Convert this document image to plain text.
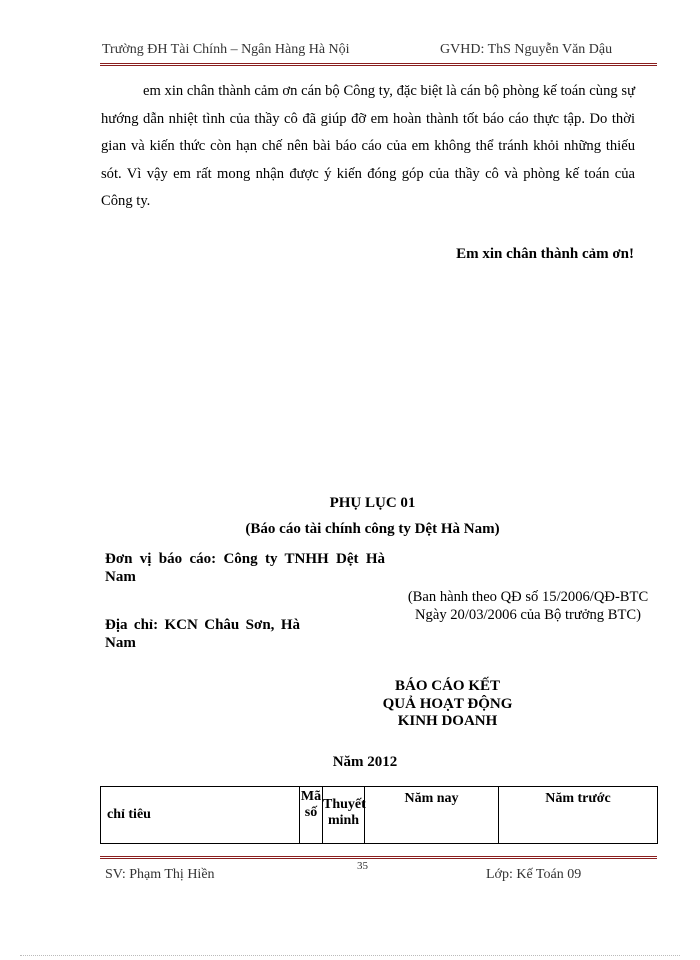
Trường ĐH Tài Chính – Ngân Hàng Hà Nội	GVHD: ThS Nguyễn Văn Dậu
em xin chân thành cảm ơn cán bộ Công ty, đặc biệt là cán bộ phòng kế toán cùng sự hướng dẫn nhiệt tình của thầy cô đã giúp đỡ em hoàn thành tốt báo cáo thực tập. Do thời gian và kiến thức còn hạn chế nên bài báo cáo của em không thể tránh khỏi những thiếu sót. Vì vậy em rất mong nhận được ý kiến đóng góp của thầy cô và phòng kế toán của Công ty.
Em xin chân thành cảm ơn!
PHỤ LỤC 01
(Báo cáo tài chính công ty Dệt Hà Nam)
Đơn vị báo cáo: Công ty TNHH Dệt Hà Nam
Địa chỉ: KCN Châu Sơn, Hà Nam
(Ban hành theo QĐ số 15/2006/QĐ-BTC
Ngày 20/03/2006 của Bộ trưởng BTC)
BÁO CÁO KẾT QUẢ HOẠT ĐỘNG KINH DOANH
Năm 2012
chỉ tiêu	Mã số	Thuyết minh	Năm nay	Năm trước
35
SV: Phạm Thị Hiền	Lớp: Kế Toán 09
